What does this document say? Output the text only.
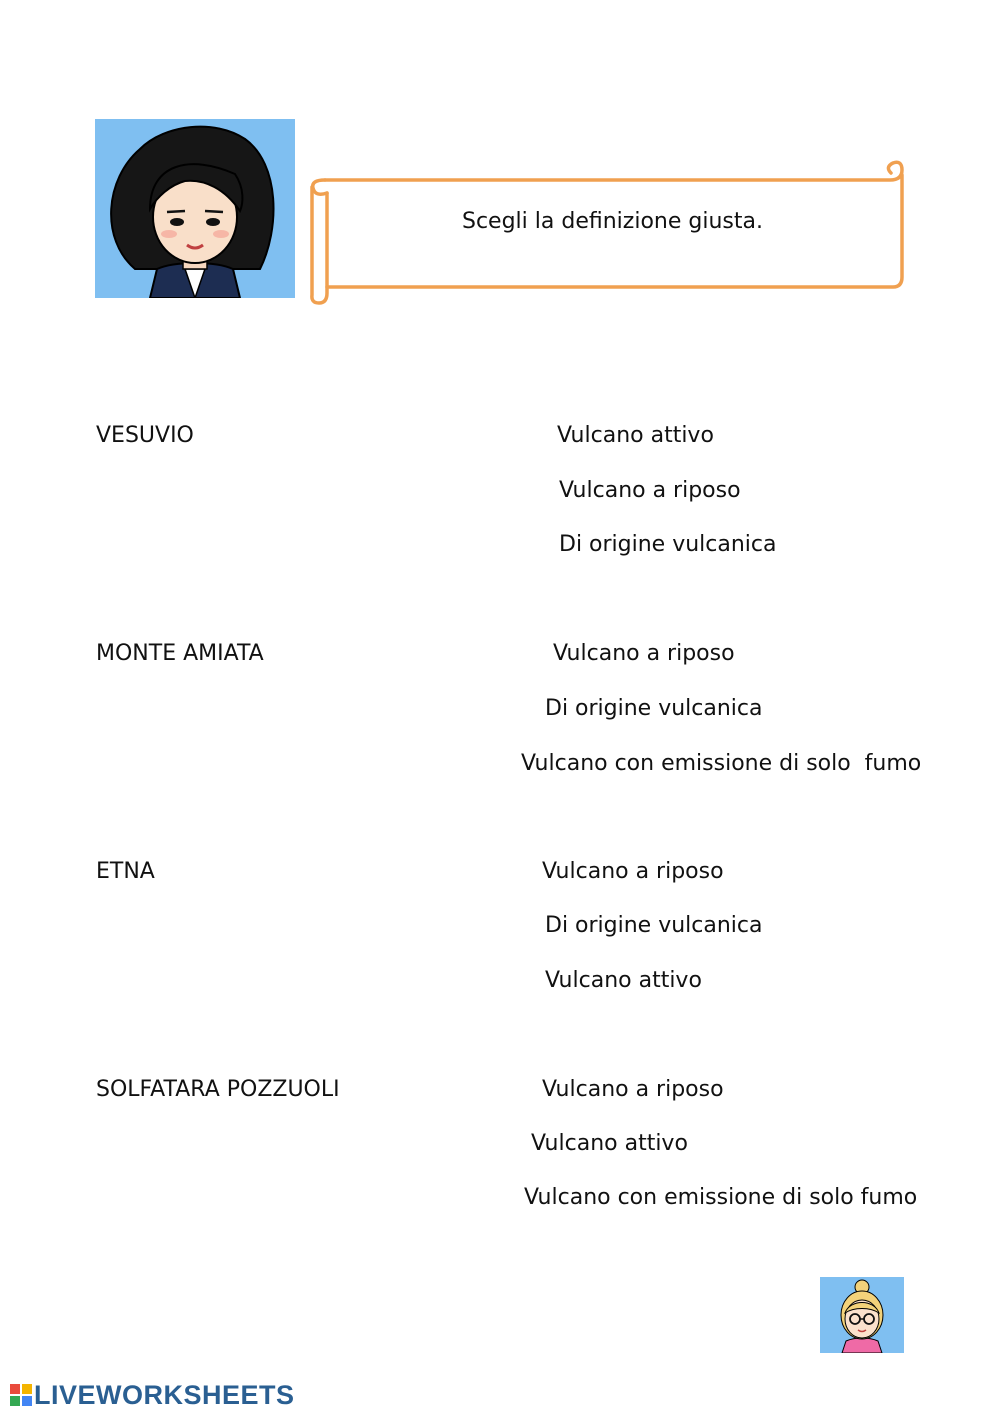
Scegli la definizione giusta.
VESUVIO	Vulcano attivo
Vulcano a riposo
Di origine vulcanica
MONTE AMIATA	Vulcano a riposo
Di origine vulcanica
Vulcano con emissione di solo  fumo
ETNA	Vulcano a riposo
Di origine vulcanica
Vulcano attivo
SOLFATARA POZZUOLI	Vulcano a riposo
Vulcano attivo
Vulcano con emissione di solo fumo
LIVEWORKSHEETS
